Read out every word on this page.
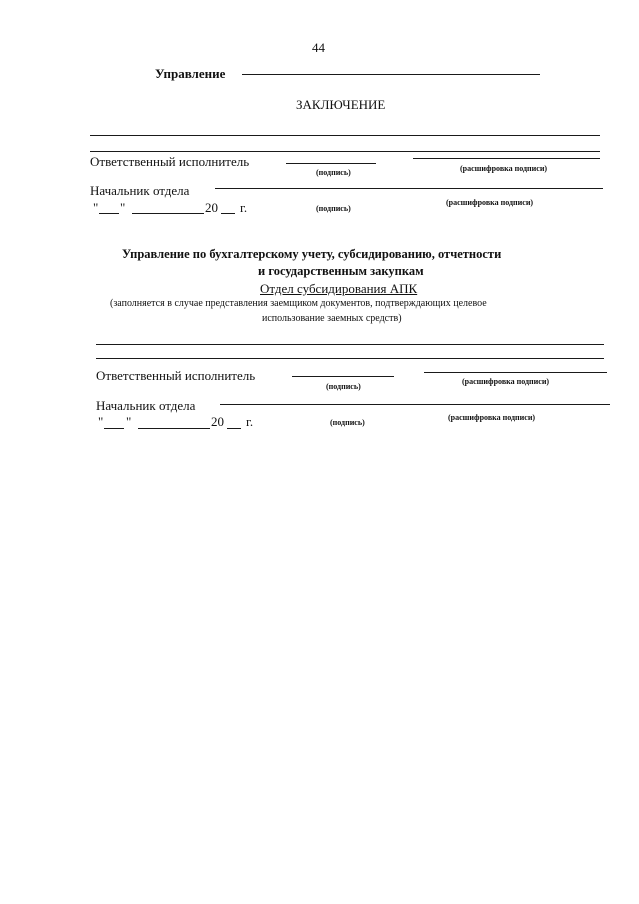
44
Управление
ЗАКЛЮЧЕНИЕ
Ответственный исполнитель
(подпись)	(расшифровка подписи)
Начальник отдела
" "	20 г.	(подпись)
(расшифровка подписи)
Управление по бухгалтерскому учету, субсидированию, отчетности
и государственным закупкам
Отдел субсидирования АПК
(заполняется в случае представления заемщиком документов, подтверждающих целевое
использование заемных средств)
Ответственный исполнитель
(подпись)
(расшифровка подписи)
Начальник отдела
" "	20 г.	(подпись)
(расшифровка подписи)
